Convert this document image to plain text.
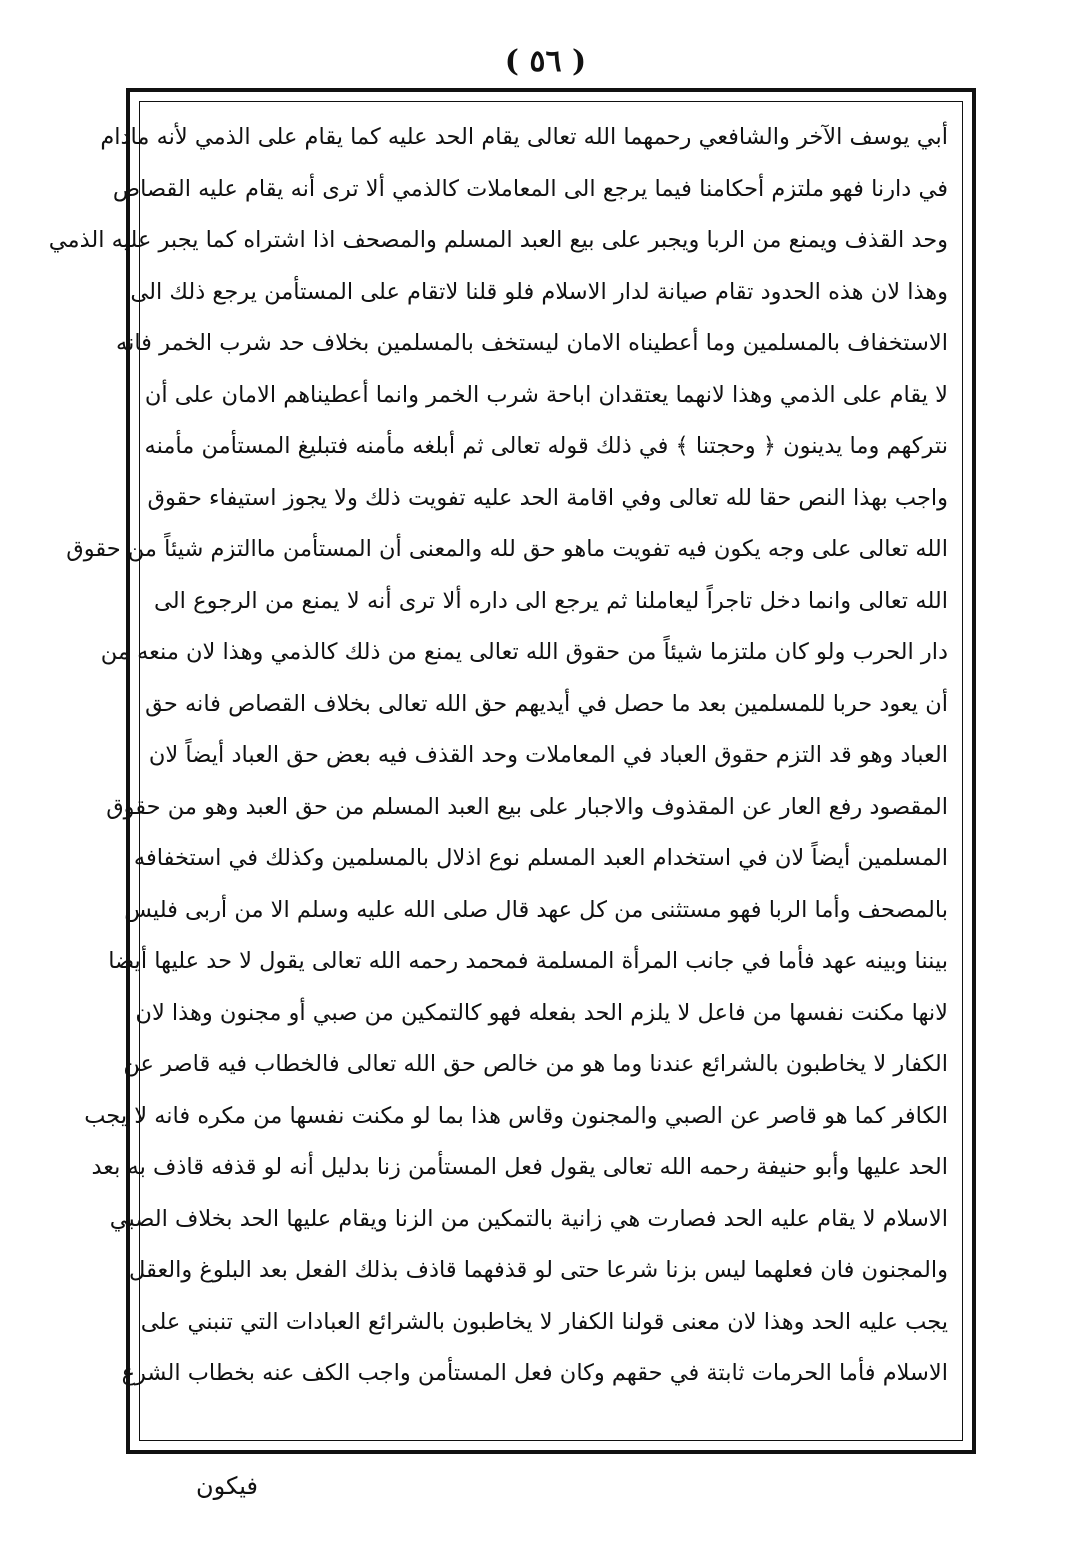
( ٥٦ )
أبي يوسف الآخر والشافعي رحمهما الله تعالى يقام الحد عليه كما يقام على الذمي لأنه مادام
في دارنا فهو ملتزم أحكامنا فيما يرجع الى المعاملات كالذمي ألا ترى أنه يقام عليه القصاص
وحد القذف ويمنع من الربا ويجبر على بيع العبد المسلم والمصحف اذا اشتراه كما يجبر عليه الذمي
وهذا لان هذه الحدود تقام صيانة لدار الاسلام فلو قلنا لاتقام على المستأمن يرجع ذلك الى
الاستخفاف بالمسلمين وما أعطيناه الامان ليستخف بالمسلمين بخلاف حد شرب الخمر فانه
لا يقام على الذمي وهذا لانهما يعتقدان اباحة شرب الخمر وانما أعطيناهم الامان على أن
نتركهم وما يدينون ﴿ وحجتنا ﴾ في ذلك قوله تعالى ثم أبلغه مأمنه فتبليغ المستأمن مأمنه
واجب بهذا النص حقا لله تعالى وفي اقامة الحد عليه تفويت ذلك ولا يجوز استيفاء حقوق
الله تعالى على وجه يكون فيه تفويت ماهو حق لله والمعنى أن المستأمن ماالتزم شيئاً من حقوق
الله تعالى وانما دخل تاجراً ليعاملنا ثم يرجع الى داره ألا ترى أنه لا يمنع من الرجوع الى
دار الحرب ولو كان ملتزما شيئاً من حقوق الله تعالى يمنع من ذلك كالذمي وهذا لان منعه من
أن يعود حربا للمسلمين بعد ما حصل في أيديهم حق الله تعالى بخلاف القصاص فانه حق
العباد وهو قد التزم حقوق العباد في المعاملات وحد القذف فيه بعض حق العباد أيضاً لان
المقصود رفع العار عن المقذوف والاجبار على بيع العبد المسلم من حق العبد وهو من حقوق
المسلمين أيضاً لان في استخدام العبد المسلم نوع اذلال بالمسلمين وكذلك في استخفافه
بالمصحف وأما الربا فهو مستثنى من كل عهد قال صلى الله عليه وسلم الا من أربى فليس
بيننا وبينه عهد فأما في جانب المرأة المسلمة فمحمد رحمه الله تعالى يقول لا حد عليها أيضا
لانها مكنت نفسها من فاعل لا يلزم الحد بفعله فهو كالتمكين من صبي أو مجنون وهذا لان
الكفار لا يخاطبون بالشرائع عندنا وما هو من خالص حق الله تعالى فالخطاب فيه قاصر عن
الكافر كما هو قاصر عن الصبي والمجنون وقاس هذا بما لو مكنت نفسها من مكره فانه لا يجب
الحد عليها وأبو حنيفة رحمه الله تعالى يقول فعل المستأمن زنا بدليل أنه لو قذفه قاذف به بعد
الاسلام لا يقام عليه الحد فصارت هي زانية بالتمكين من الزنا ويقام عليها الحد بخلاف الصبي
والمجنون فان فعلهما ليس بزنا شرعا حتى لو قذفهما قاذف بذلك الفعل بعد البلوغ والعقل
يجب عليه الحد وهذا لان معنى قولنا الكفار لا يخاطبون بالشرائع العبادات التي تنبني على
الاسلام فأما الحرمات ثابتة في حقهم وكان فعل المستأمن واجب الكف عنه بخطاب الشرع
فيكون
